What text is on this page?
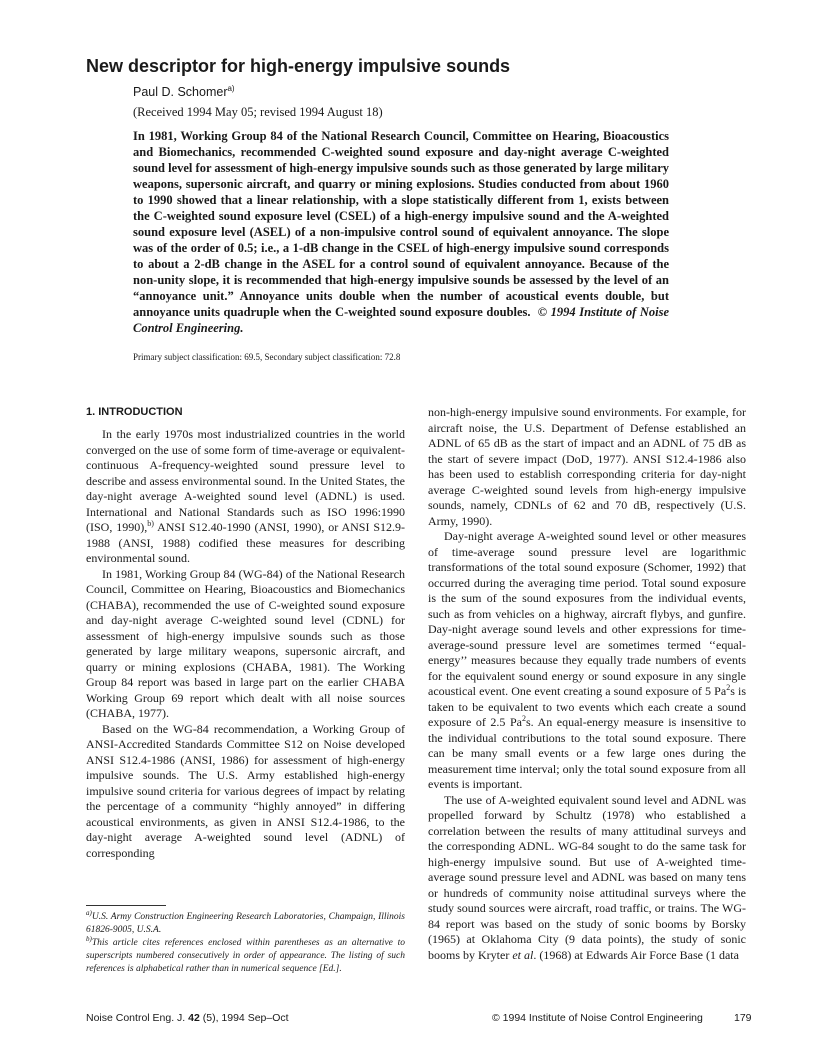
New descriptor for high-energy impulsive sounds
Paul D. Schomer$^{a)}$
(Received 1994 May 05; revised 1994 August 18)

In 1981, Working Group 84 of the National Research Council, Committee on Hearing, Bioacoustics and Biomechanics, recommended C-weighted sound exposure and day-night average C-weighted sound level for assessment of high-energy impulsive sounds such as those generated by large military weapons, supersonic aircraft, and quarry or mining explosions. Studies conducted from about 1960 to 1990 showed that a linear relationship, with a slope statistically different from 1, exists between the C-weighted sound exposure level (CSEL) of a high-energy impulsive sound and the A-weighted sound exposure level (ASEL) of a non-impulsive control sound of equivalent annoyance. The slope was of the order of 0.5; i.e., a 1-dB change in the CSEL of high-energy impulsive sound corresponds to about a 2-dB change in the ASEL for a control sound of equivalent annoyance. Because of the non-unity slope, it is recommended that high-energy impulsive sounds be assessed by the level of an “annoyance unit.” Annoyance units double when the number of acoustical events double, but annoyance units quadruple when the C-weighted sound exposure doubles. © 1994 Institute of Noise Control Engineering.

Primary subject classification: 69.5, Secondary subject classification: 72.8
1. INTRODUCTION

In the early 1970s most industrialized countries in the world converged on the use of some form of time-average or equivalent-continuous A-frequency-weighted sound pressure level to describe and assess environmental sound. In the United States, the day-night average A-weighted sound level (ADNL) is used. International and National Standards such as ISO 1996:1990 (ISO, 1990),$^{b)}$ ANSI S12.40-1990 (ANSI, 1990), or ANSI S12.9-1988 (ANSI, 1988) codified these measures for describing environmental sound.

In 1981, Working Group 84 (WG-84) of the National Research Council, Committee on Hearing, Bioacoustics and Biomechanics (CHABA), recommended the use of C-weighted sound exposure and day-night average C-weighted sound level (CDNL) for assessment of high-energy impulsive sounds such as those generated by large military weapons, supersonic aircraft, and quarry or mining explosions (CHABA, 1981). The Working Group 84 report was based in large part on the earlier CHABA Working Group 69 report which dealt with all noise sources (CHABA, 1977).

Based on the WG-84 recommendation, a Working Group of ANSI-Accredited Standards Committee S12 on Noise developed ANSI S12.4-1986 (ANSI, 1986) for assessment of high-energy impulsive sounds. The U.S. Army established high-energy impulsive sound criteria for various degrees of impact by relating the percentage of a community “highly annoyed” in differing acoustical environments, as given in ANSI S12.4-1986, to the day-night average A-weighted sound level (ADNL) of corresponding

non-high-energy impulsive sound environments. For example, for aircraft noise, the U.S. Department of Defense established an ADNL of 65 dB as the start of impact and an ADNL of 75 dB as the start of severe impact (DoD, 1977). ANSI S12.4-1986 also has been used to establish corresponding criteria for day-night average C-weighted sound levels from high-energy impulsive sounds, namely, CDNLs of 62 and 70 dB, respectively (U.S. Army, 1990).

Day-night average A-weighted sound level or other measures of time-average sound pressure level are logarithmic transformations of the total sound exposure (Schomer, 1992) that occurred during the averaging time period. Total sound exposure is the sum of the sound exposures from the individual events, such as from vehicles on a highway, aircraft flybys, and gunfire. Day-night average sound levels and other expressions for time-average-sound pressure level are sometimes termed ‘‘equal-energy’’ measures because they equally trade numbers of events for the equivalent sound energy or sound exposure in any single acoustical event. One event creating a sound exposure of 5 Pa$^2$s is taken to be equivalent to two events which each create a sound exposure of 2.5 Pa$^2$s. An equal-energy measure is insensitive to the individual contributions to the total sound exposure. There can be many small events or a few large ones during the measurement time interval; only the total sound exposure from all events is important.

The use of A-weighted equivalent sound level and ADNL was propelled forward by Schultz (1978) who established a correlation between the results of many attitudinal surveys and the corresponding ADNL. WG-84 sought to do the same task for high-energy impulsive sound. But use of A-weighted time-average sound pressure level and ADNL was based on many tens or hundreds of community noise attitudinal surveys where the study sound sources were aircraft, road traffic, or trains. The WG-84 report was based on the study of sonic booms by Borsky (1965) at Oklahoma City (9 data points), the study of sonic booms by Kryter et al. (1968) at Edwards Air Force Base (1 data

$^{a)}$U.S. Army Construction Engineering Research Laboratories, Champaign, Illinois 61826-9005, U.S.A.

$^{b)}$This article cites references enclosed within parentheses as an alternative to superscripts numbered consecutively in order of appearance. The listing of such references is alphabetical rather than in numerical sequence [Ed.].

Noise Control Eng. J. 42 (5), 1994 Sep–Oct	© 1994 Institute of Noise Control Engineering	179
